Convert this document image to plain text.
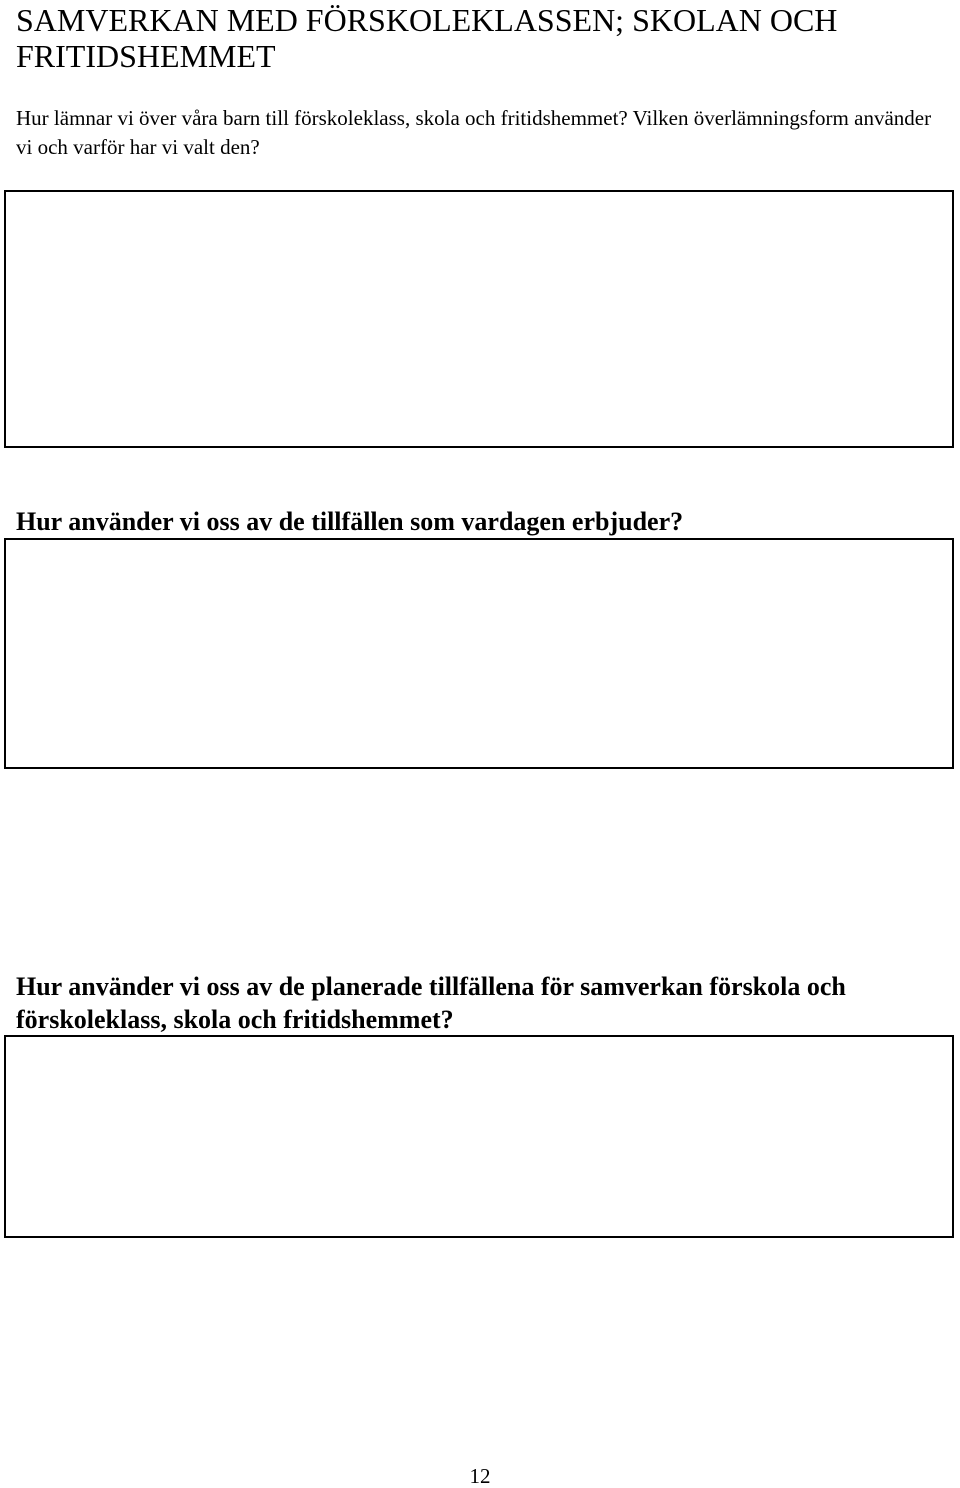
SAMVERKAN MED FÖRSKOLEKLASSEN; SKOLAN OCH FRITIDSHEMMET

Hur lämnar vi över våra barn till förskoleklass, skola och fritidshemmet? Vilken överlämningsform använder vi och varför har vi valt den?

Hur använder vi oss av de tillfällen som vardagen erbjuder?

Hur använder vi oss av de planerade tillfällena för samverkan förskola och förskoleklass, skola och fritidshemmet?

12
